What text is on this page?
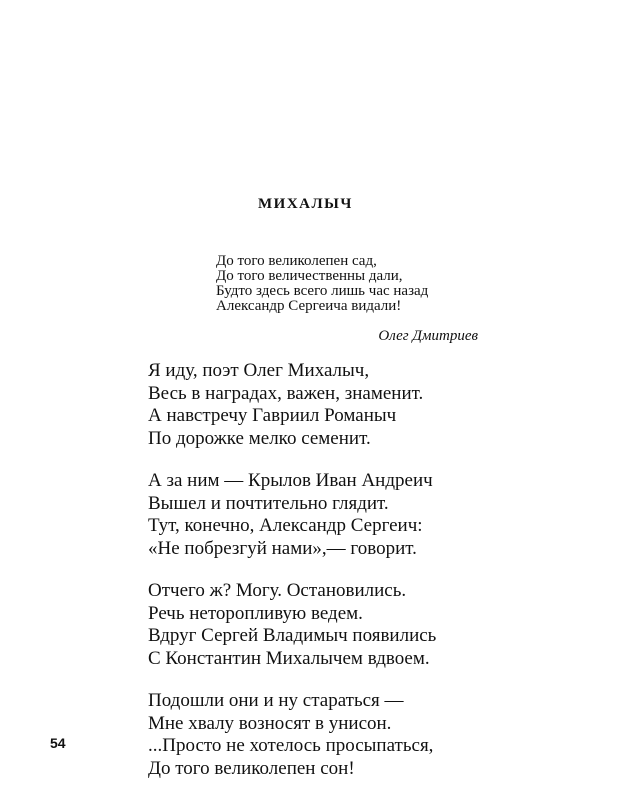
МИХАЛЫЧ
До того великолепен сад,
До того величественны дали,
Будто здесь всего лишь час назад
Александр Сергеича видали!
Олег Дмитриев
Я иду, поэт Олег Михалыч,
Весь в наградах, важен, знаменит.
А навстречу Гавриил Романыч
По дорожке мелко семенит.
А за ним — Крылов Иван Андреич
Вышел и почтительно глядит.
Тут, конечно, Александр Сергеич:
«Не побрезгуй нами»,— говорит.
Отчего ж? Могу. Остановились.
Речь неторопливую ведем.
Вдруг Сергей Владимыч появились
С Константин Михалычем вдвоем.
Подошли они и ну стараться —
Мне хвалу возносят в унисон.
...Просто не хотелось просыпаться,
До того великолепен сон!
54
